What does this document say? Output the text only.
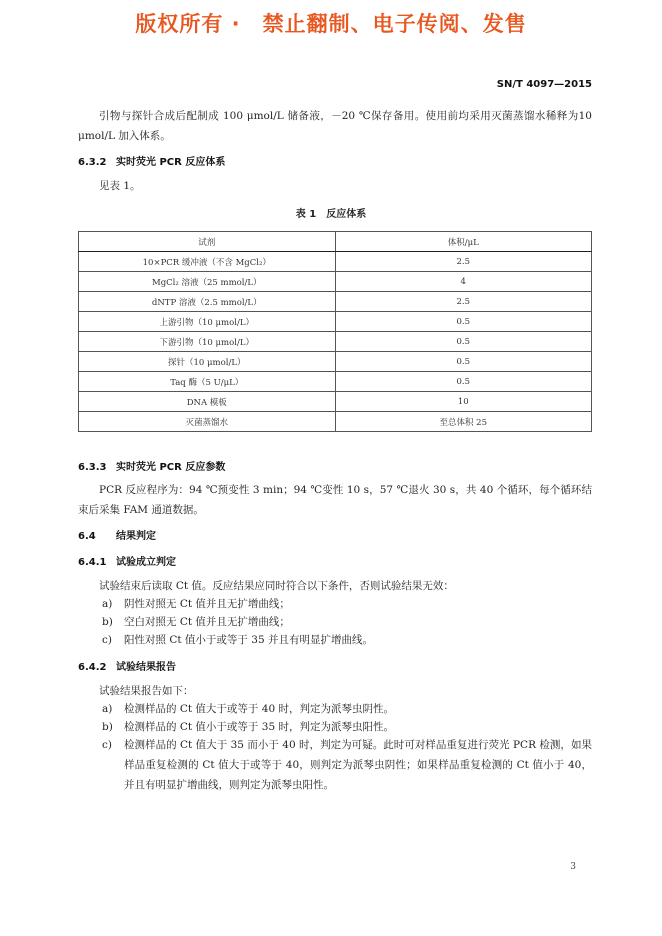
版权所有 ·　禁止翻制、电子传阅、发售
SN/T 4097—2015
引物与探针合成后配制成 100 μmol/L 储备液，－20 ℃保存备用。使用前均采用灭菌蒸馏水稀释为10 μmol/L 加入体系。
6.3.2 实时荧光 PCR 反应体系
见表 1。
表 1　反应体系
试剂	体积/μL
10×PCR 缓冲液（不含 MgCl₂）	2.5
MgCl₂ 溶液（25 mmol/L）	4
dNTP 溶液（2.5 mmol/L）	2.5
上游引物（10 μmol/L）	0.5
下游引物（10 μmol/L）	0.5
探针（10 μmol/L）	0.5
Taq 酶（5 U/μL）	0.5
DNA 模板	10
灭菌蒸馏水	至总体积 25
6.3.3 实时荧光 PCR 反应参数
PCR 反应程序为：94 ℃预变性 3 min；94 ℃变性 10 s，57 ℃退火 30 s，共 40 个循环，每个循环结束后采集 FAM 通道数据。
6.4 结果判定
6.4.1 试验成立判定
试验结束后读取 Ct 值。反应结果应同时符合以下条件，否则试验结果无效：
a) 阴性对照无 Ct 值并且无扩增曲线；
b) 空白对照无 Ct 值并且无扩增曲线；
c) 阳性对照 Ct 值小于或等于 35 并且有明显扩增曲线。
6.4.2 试验结果报告
试验结果报告如下：
a) 检测样品的 Ct 值大于或等于 40 时，判定为派琴虫阴性。
b) 检测样品的 Ct 值小于或等于 35 时，判定为派琴虫阳性。
c) 检测样品的 Ct 值大于 35 而小于 40 时，判定为可疑。此时可对样品重复进行荧光 PCR 检测，如果样品重复检测的 Ct 值大于或等于 40，则判定为派琴虫阴性；如果样品重复检测的 Ct 值小于 40，并且有明显扩增曲线，则判定为派琴虫阳性。
3
